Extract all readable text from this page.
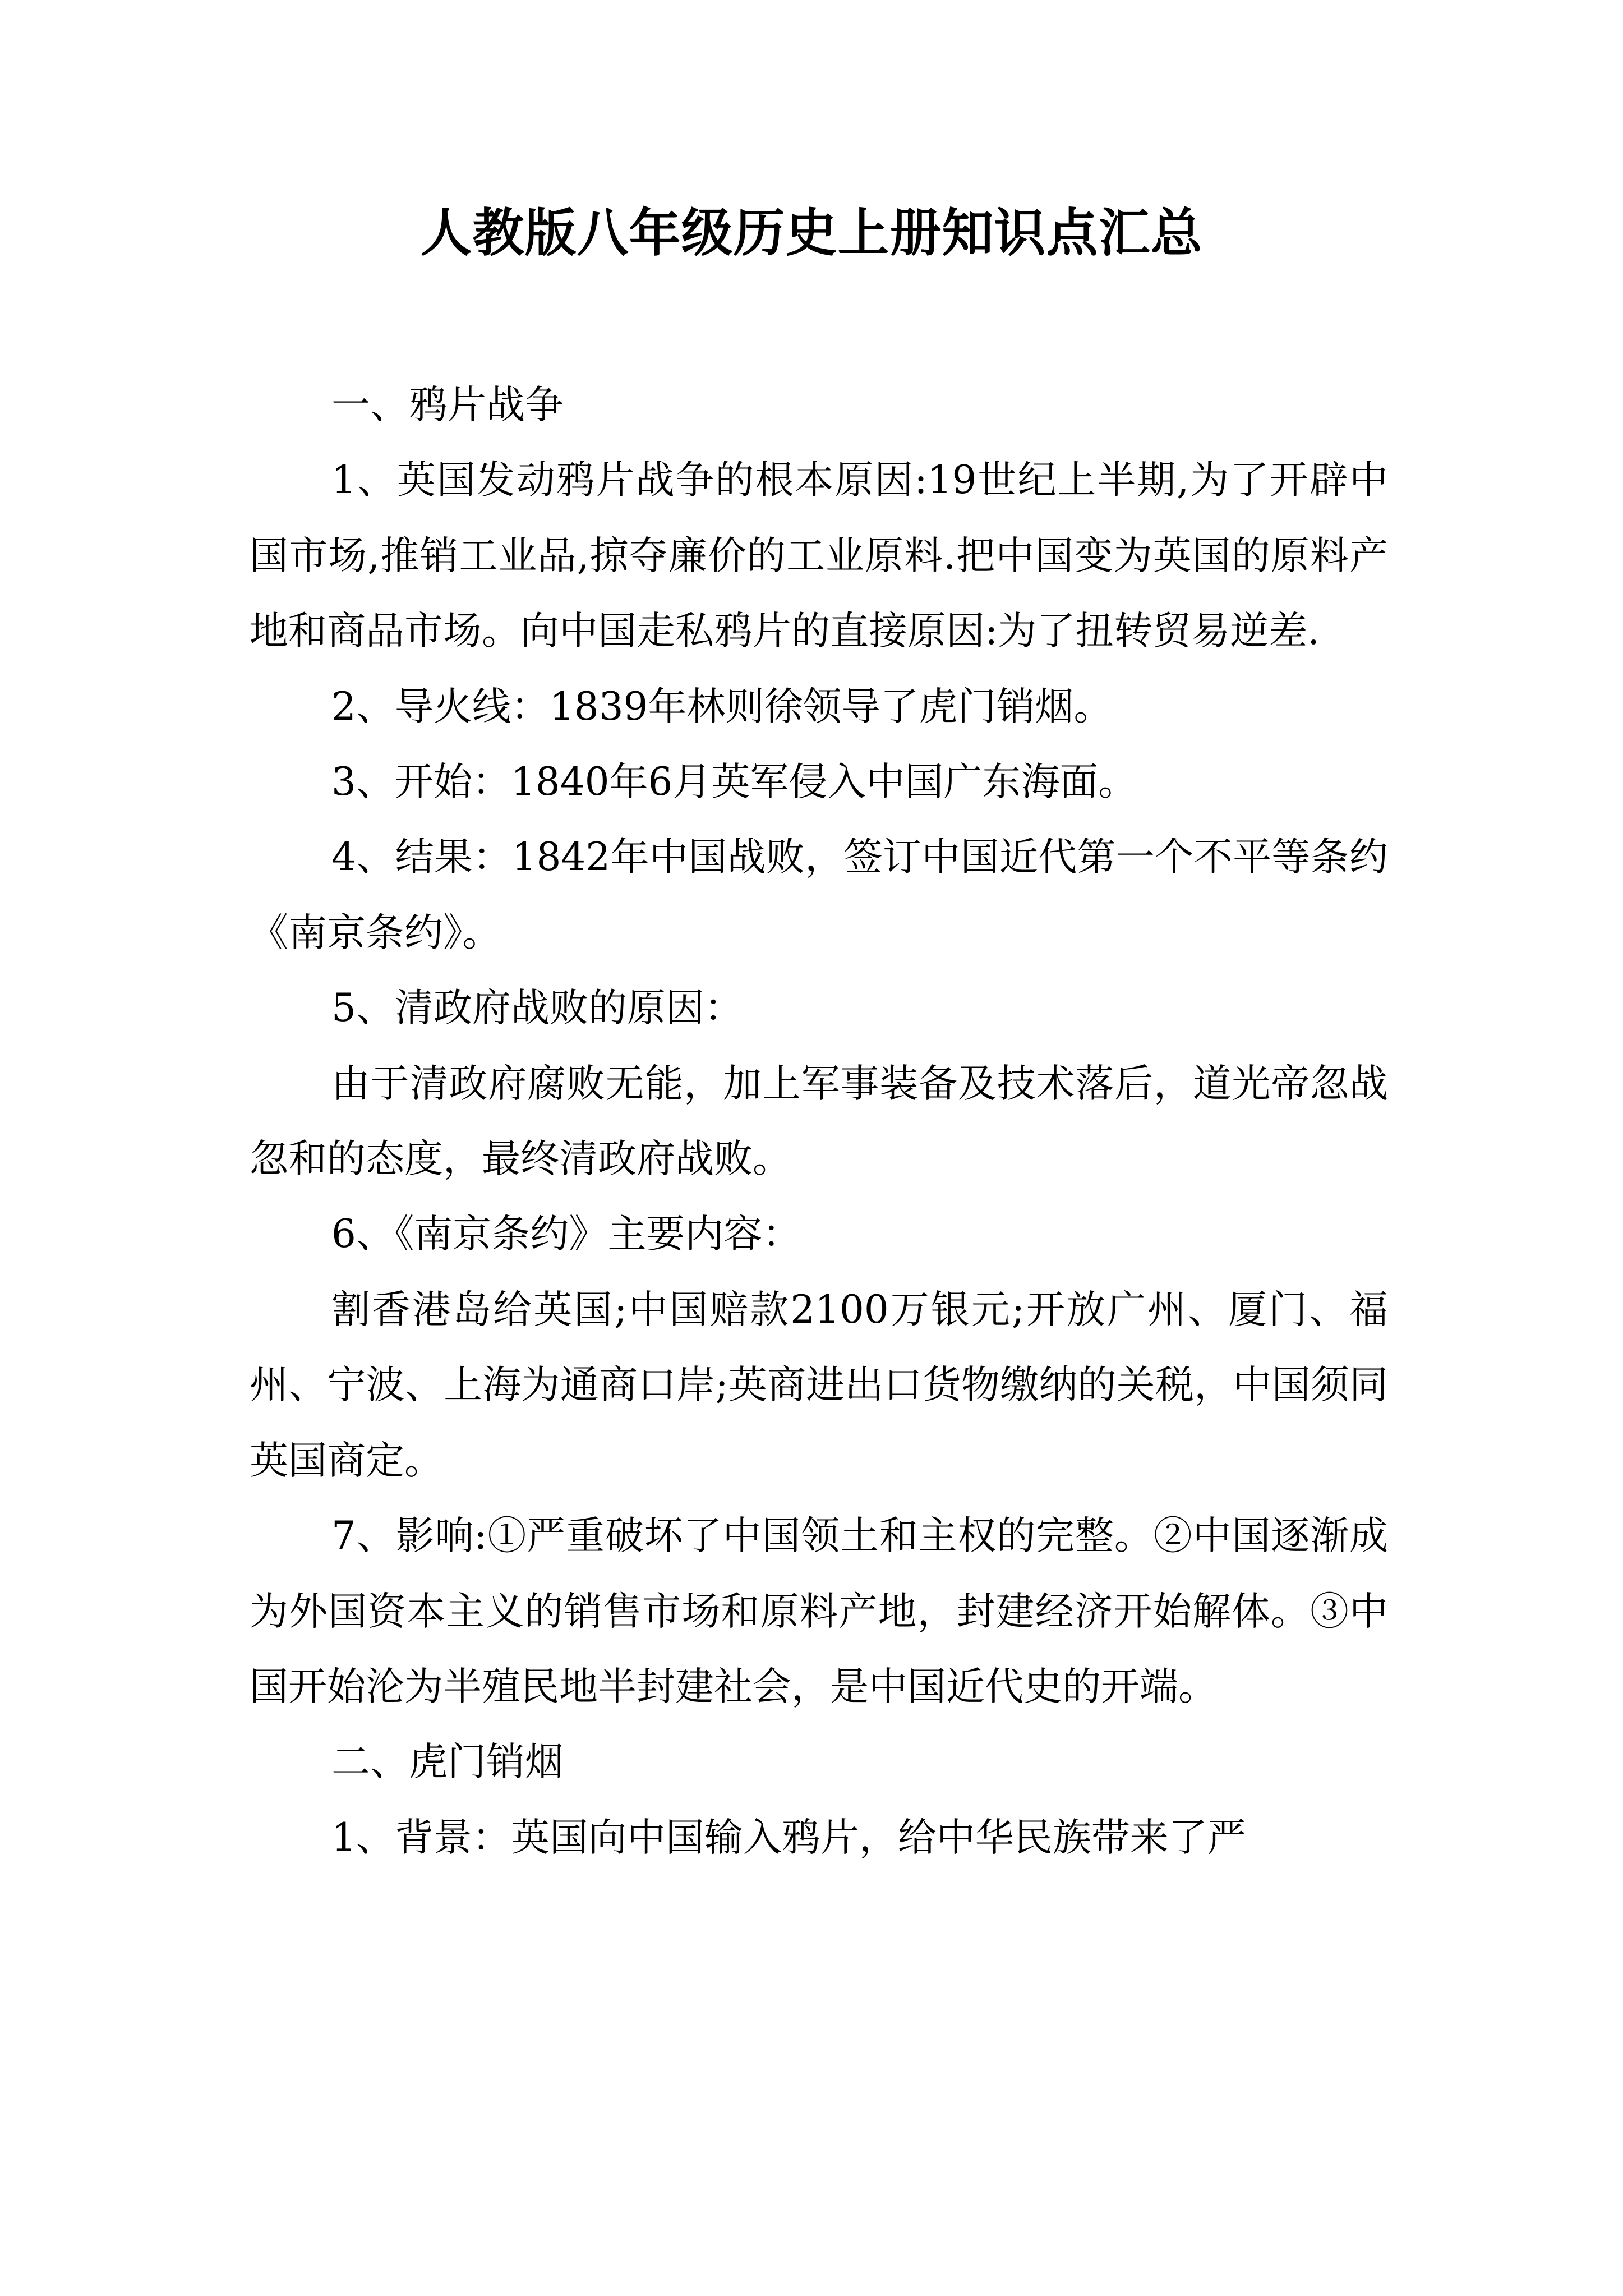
人教版八年级历史上册知识点汇总

一、鸦片战争

1、英国发动鸦片战争的根本原因:19世纪上半期,为了开辟中国市场,推销工业品,掠夺廉价的工业原料.把中国变为英国的原料产地和商品市场。向中国走私鸦片的直接原因:为了扭转贸易逆差.

2、导火线：1839年林则徐领导了虎门销烟。

3、开始：1840年6月英军侵入中国广东海面。

4、结果：1842年中国战败，签订中国近代第一个不平等条约《南京条约》。

5、清政府战败的原因：

由于清政府腐败无能，加上军事装备及技术落后，道光帝忽战忽和的态度，最终清政府战败。

6、《南京条约》主要内容：

割香港岛给英国;中国赔款2100万银元;开放广州、厦门、福州、宁波、上海为通商口岸;英商进出口货物缴纳的关税，中国须同英国商定。

7、影响:①严重破坏了中国领土和主权的完整。②中国逐渐成为外国资本主义的销售市场和原料产地，封建经济开始解体。③中国开始沦为半殖民地半封建社会，是中国近代史的开端。

二、虎门销烟

1、背景：英国向中国输入鸦片，给中华民族带来了严
